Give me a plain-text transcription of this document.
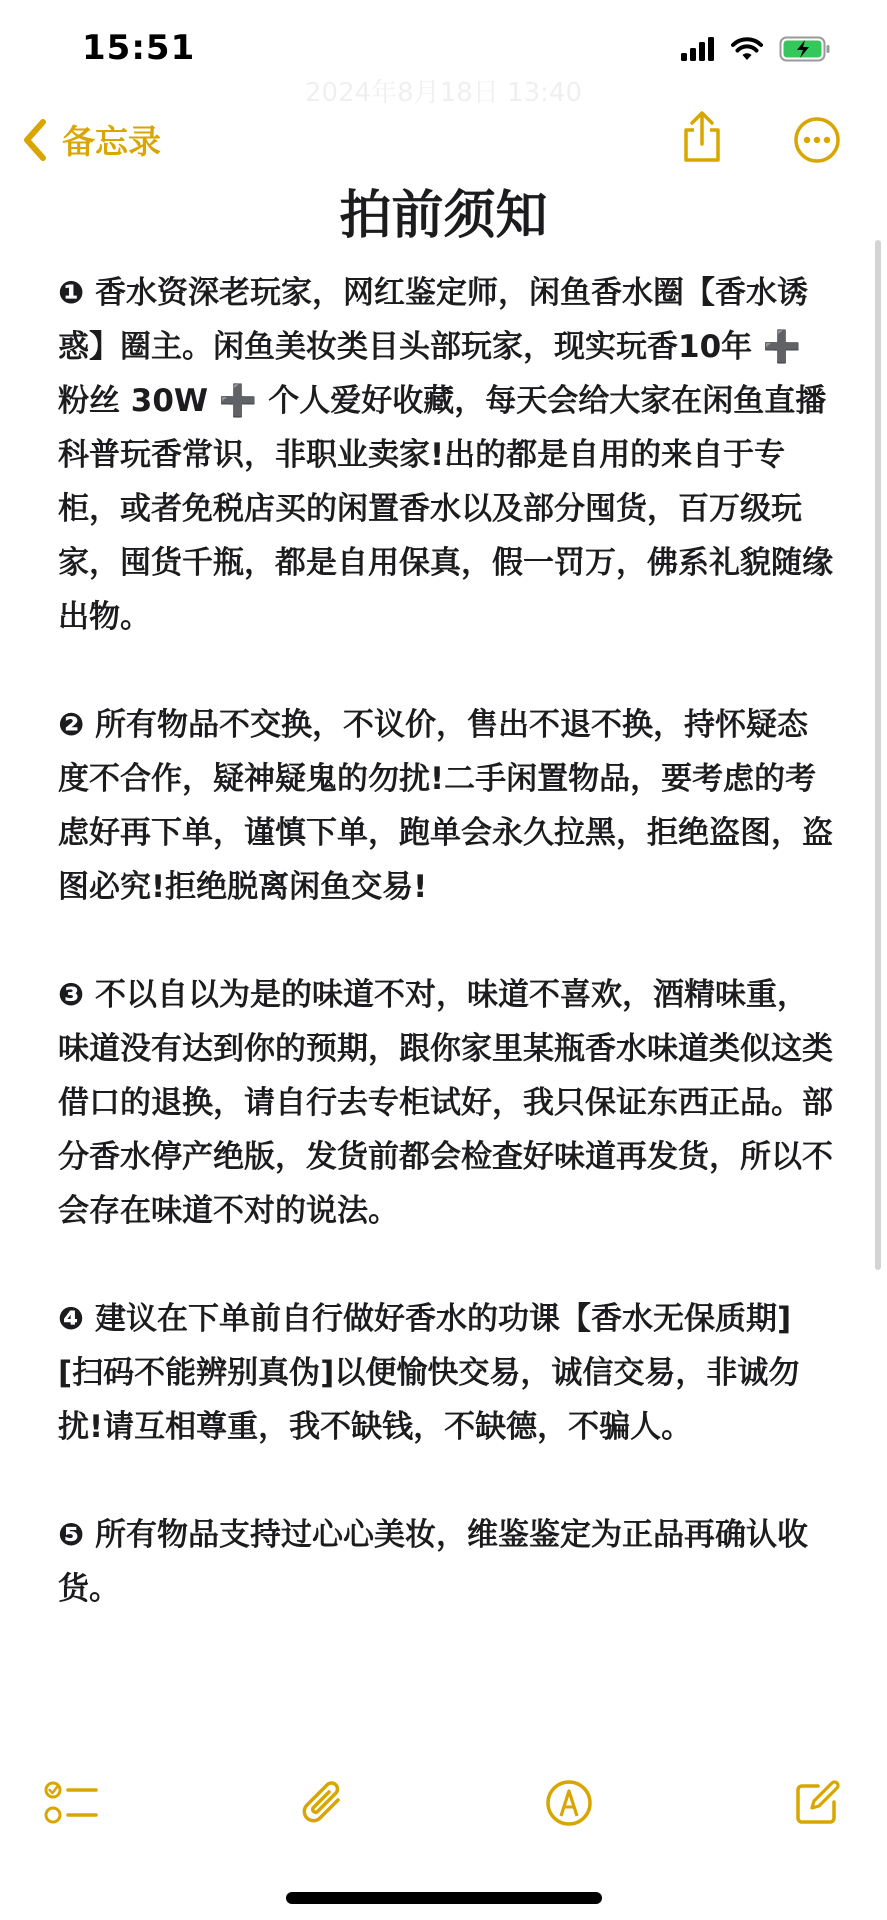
15:51
2024年8月18日 13:40
备忘录
拍前须知

❶ 香水资深老玩家，网红鉴定师，闲鱼香水圈【香水诱惑】圈主。闲鱼美妆类目头部玩家，现实玩香10年 ➕ 粉丝 30W ➕ 个人爱好收藏，每天会给大家在闲鱼直播科普玩香常识，非职业卖家!出的都是自用的来自于专柜，或者免税店买的闲置香水以及部分囤货，百万级玩家，囤货千瓶，都是自用保真，假一罚万，佛系礼貌随缘出物。

❷ 所有物品不交换，不议价，售出不退不换，持怀疑态度不合作，疑神疑鬼的勿扰!二手闲置物品，要考虑的考虑好再下单，谨慎下单，跑单会永久拉黑，拒绝盗图，盗图必究!拒绝脱离闲鱼交易!

❸ 不以自以为是的味道不对，味道不喜欢，酒精味重，味道没有达到你的预期，跟你家里某瓶香水味道类似这类借口的退换，请自行去专柜试好，我只保证东西正品。部分香水停产绝版，发货前都会检查好味道再发货，所以不会存在味道不对的说法。

❹ 建议在下单前自行做好香水的功课【香水无保质期][扫码不能辨别真伪]以便愉快交易，诚信交易，非诚勿扰!请互相尊重，我不缺钱，不缺德，不骗人。

❺ 所有物品支持过心心美妆，维鉴鉴定为正品再确认收货。
